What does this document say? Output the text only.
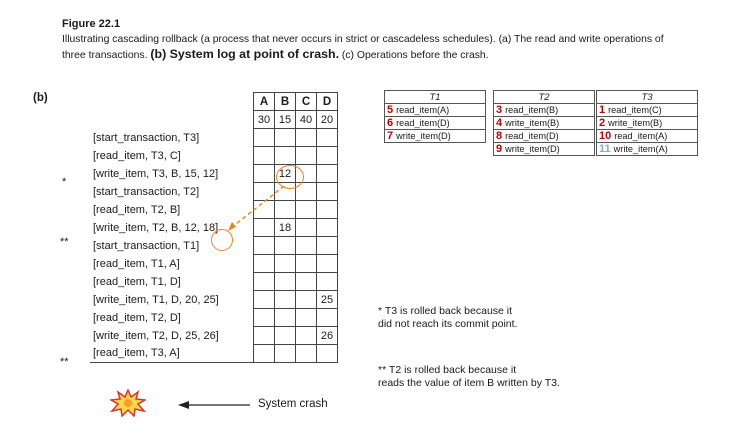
Figure 22.1
Illustrating cascading rollback (a process that never occurs in strict or cascadeless schedules). (a) The read and write operations of three transactions. (b) System log at point of crash. (c) Operations before the crash.
(b)
*
**
**
	A	B	C	D
	30	15	40	20
[start_transaction, T3]				
[read_item, T3, C]				
[write_item, T3, B, 15, 12]		12		
[start_transaction, T2]				
[read_item, T2, B]				
[write_item, T2, B, 12, 18]		18		
[start_transaction, T1]				
[read_item, T1, A]				
[read_item, T1, D]				
[write_item, T1, D, 20, 25]				25
[read_item, T2, D]				
[write_item, T2, D, 25, 26]				26
[read_item, T3, A]				
System crash
T1
5 read_item(A)
6 read_item(D)
7 write_item(D)
T2
3 read_item(B)
4 write_item(B)
8 read_item(D)
9 write_item(D)
T3
1 read_item(C)
2 write_item(B)
10 read_item(A)
11 write_item(A)
* T3 is rolled back because it
did not reach its commit point.
** T2 is rolled back because it
reads the value of item B written by T3.
